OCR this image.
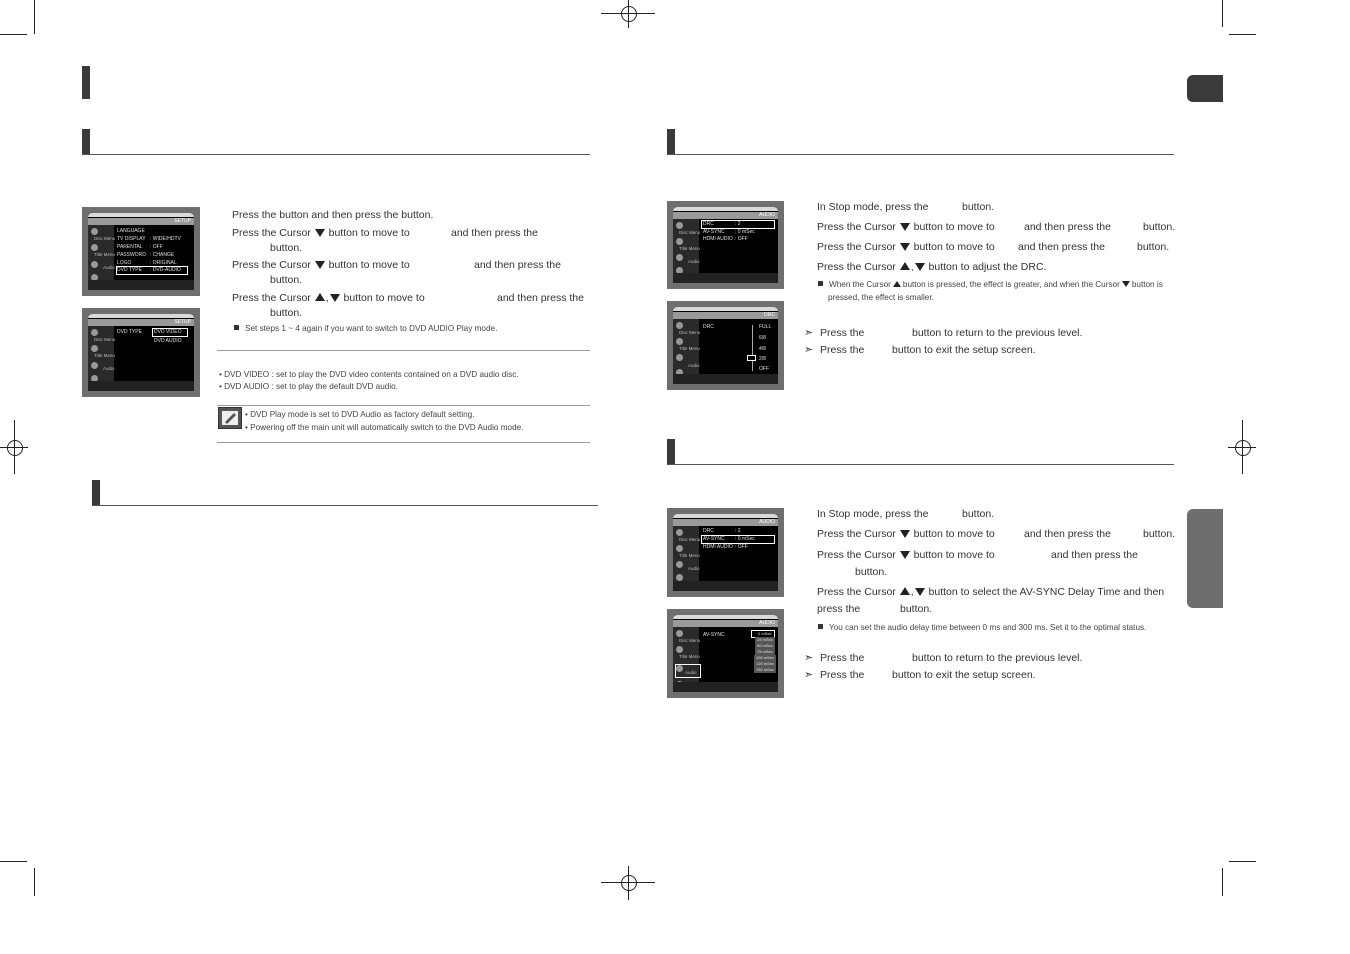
SETUP
Disc Menu
Title Menu
Audio
LANGUAGE
TV DISPLAY : WIDE/HDTV
PARENTAL : OFF
PASSWORD : CHANGE
LOGO	: ORIGINAL
DVD TYPE : DVD-AUDIO
SETUP
Disc Menu
Title Menu
Audio
DVD TYPE DVD VIDEO
DVD AUDIO
Press the button and then press the button.
Press the Cursor button to move to	and then press the
button.
Press the Cursor button to move to	and then press the
button.
Press the Cursor , button to move to	and then press the
button.
Set steps 1 ~ 4 again if you want to switch to DVD AUDIO Play mode.
• DVD VIDEO : set to play the DVD video contents contained on a DVD audio disc.
• DVD AUDIO : set to play the default DVD audio.
• DVD Play mode is set to DVD Audio as factory default setting.
• Powering off the main unit will automatically switch to the DVD Audio mode.
AUDIO
Disc Menu
Title Menu
Audio
DRC	: 2
AV-SYNC : 0 mSec
HDMI AUDIO : OFF
DRC
Disc Menu
Title Menu
Audio
DRC	FULL
6/8
4/8
2/8
OFF
In Stop mode, press the	button.
Press the Cursor button to move to	and then press the	button.
Press the Cursor button to move to and then press the	button.
Press the Cursor , button to adjust the DRC.
When the Cursor button is pressed, the effect is greater, and when the Cursor button is
pressed, the effect is smaller.
➣ Press the	button to return to the previous level.
➣ Press the	button to exit the setup screen.
AUDIO
Disc Menu
Title Menu
Audio
DRC	: 2
AV-SYNC : 0 mSec
HDMI AUDIO : OFF
AUDIO
Disc Menu
Title Menu
Audio
AV-SYNC	0 mSec
25 mSec
50 mSec
75 mSec
100 mSec
125 mSec
150 mSec
In Stop mode, press the	button.
Press the Cursor button to move to	and then press the	button.
Press the Cursor button to move to	and then press the
button.
Press the Cursor , button to select the AV-SYNC Delay Time and then
press the	button.
You can set the audio delay time between 0 ms and 300 ms. Set it to the optimal status.
➣ Press the	button to return to the previous level.
➣ Press the	button to exit the setup screen.
